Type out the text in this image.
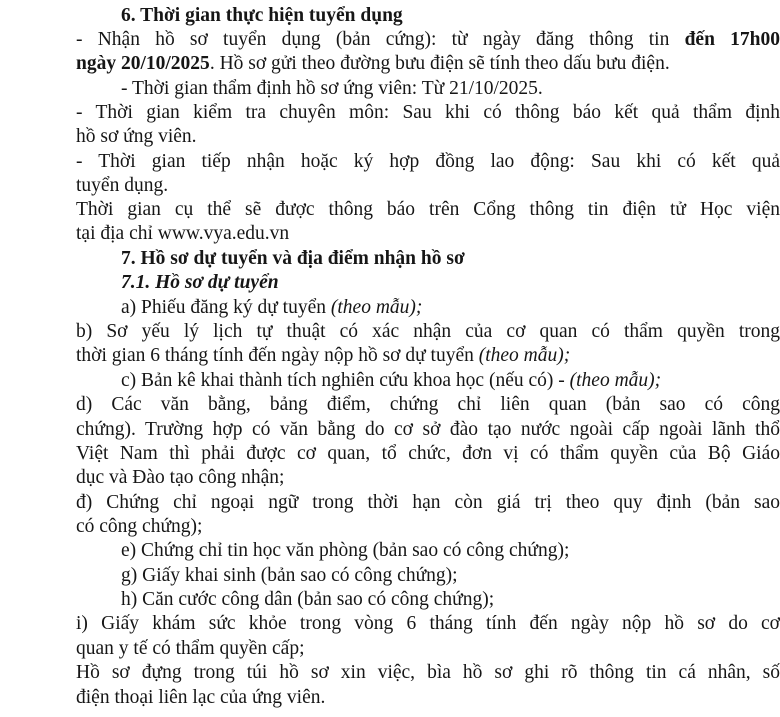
6. Thời gian thực hiện tuyển dụng

- Nhận hồ sơ tuyển dụng (bản cứng): từ ngày đăng thông tin đến 17h00

ngày 20/10/2025. Hồ sơ gửi theo đường bưu điện sẽ tính theo dấu bưu điện.

- Thời gian thẩm định hồ sơ ứng viên: Từ 21/10/2025.

- Thời gian kiểm tra chuyên môn: Sau khi có thông báo kết quả thẩm định

hồ sơ ứng viên.

- Thời gian tiếp nhận hoặc ký hợp đồng lao động: Sau khi có kết quả

tuyển dụng.

Thời gian cụ thể sẽ được thông báo trên Cổng thông tin điện tử Học viện

tại địa chỉ www.vya.edu.vn

7. Hồ sơ dự tuyển và địa điểm nhận hồ sơ

7.1. Hồ sơ dự tuyển

a) Phiếu đăng ký dự tuyển (theo mẫu);

b) Sơ yếu lý lịch tự thuật có xác nhận của cơ quan có thẩm quyền trong

thời gian 6 tháng tính đến ngày nộp hồ sơ dự tuyển (theo mẫu);

c) Bản kê khai thành tích nghiên cứu khoa học (nếu có) - (theo mẫu);

d) Các văn bằng, bảng điểm, chứng chỉ liên quan (bản sao có công

chứng). Trường hợp có văn bằng do cơ sở đào tạo nước ngoài cấp ngoài lãnh thổ

Việt Nam thì phải được cơ quan, tổ chức, đơn vị có thẩm quyền của Bộ Giáo

dục và Đào tạo công nhận;

đ) Chứng chỉ ngoại ngữ trong thời hạn còn giá trị theo quy định (bản sao

có công chứng);

e) Chứng chỉ tin học văn phòng (bản sao có công chứng);

g) Giấy khai sinh (bản sao có công chứng);

h) Căn cước công dân (bản sao có công chứng);

i) Giấy khám sức khỏe trong vòng 6 tháng tính đến ngày nộp hồ sơ do cơ

quan y tế có thẩm quyền cấp;

Hồ sơ đựng trong túi hồ sơ xin việc, bìa hồ sơ ghi rõ thông tin cá nhân, số

điện thoại liên lạc của ứng viên.
